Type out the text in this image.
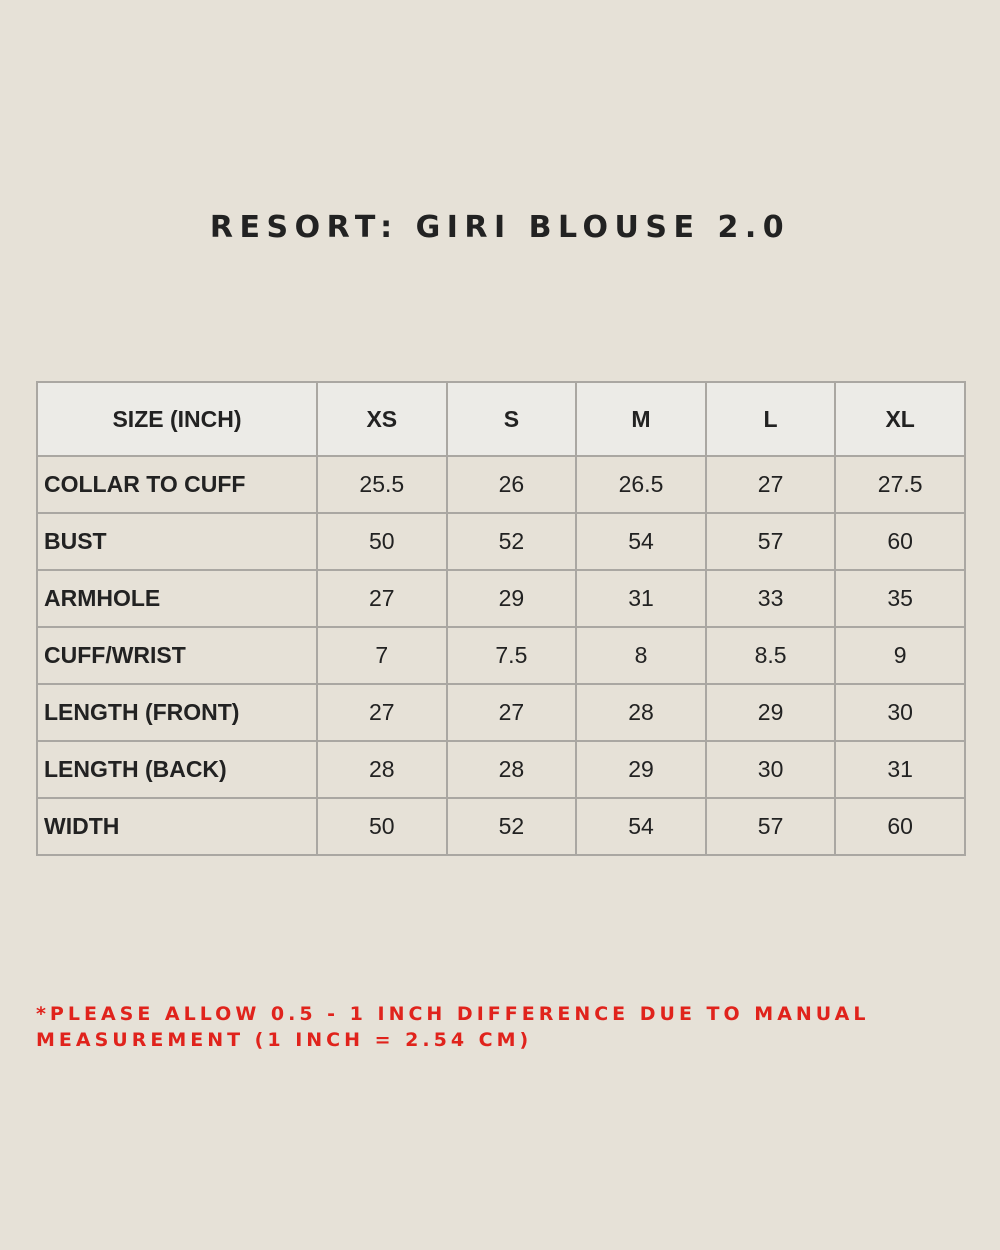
RESORT: GIRI BLOUSE 2.0
SIZE (INCH)	XS	S	M	L	XL
COLLAR TO CUFF	25.5	26	26.5	27	27.5
BUST	50	52	54	57	60
ARMHOLE	27	29	31	33	35
CUFF/WRIST	7	7.5	8	8.5	9
LENGTH (FRONT)	27	27	28	29	30
LENGTH (BACK)	28	28	29	30	31
WIDTH	50	52	54	57	60

*PLEASE ALLOW 0.5 - 1 INCH DIFFERENCE DUE TO MANUAL
MEASUREMENT (1 INCH = 2.54 CM)
